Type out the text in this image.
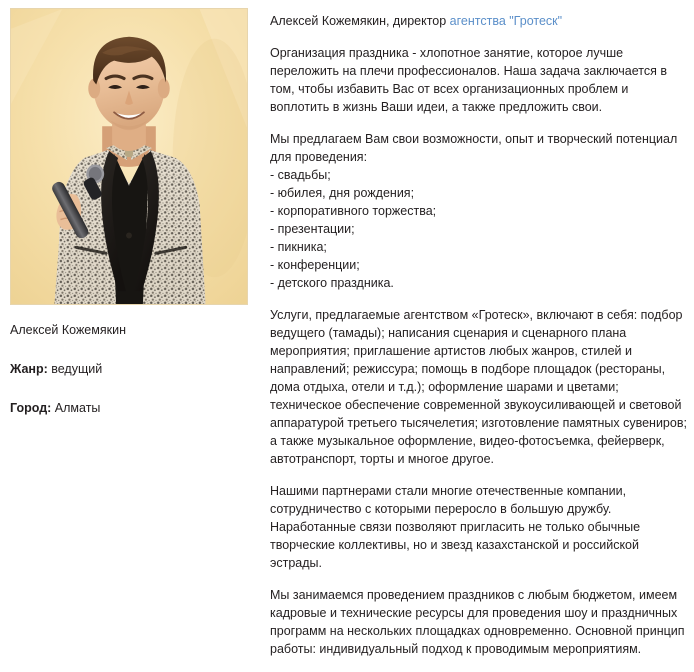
Алексей Кожемякин
Жанр: ведущий
Город: Алматы

Алексей Кожемякин, директор агентства "Гротеск"

Организация праздника - хлопотное занятие, которое лучше переложить на плечи профессионалов. Наша задача заключается в том, чтобы избавить Вас от всех организационных проблем и воплотить в жизнь Ваши идеи, а также предложить свои.

Мы предлагаем Вам свои возможности, опыт и творческий потенциал для проведения:

- свадьбы;
- юбилея, дня рождения;
- корпоративного торжества;
- презентации;
- пикника;
- конференции;
- детского праздника.

Услуги, предлагаемые агентством «Гротеск», включают в себя: подбор ведущего (тамады); написания сценария и сценарного плана мероприятия; приглашение артистов любых жанров, стилей и направлений; режиссура; помощь в подборе площадок (рестораны, дома отдыха, отели и т.д.); оформление шарами и цветами; техническое обеспечение современной звукоусиливающей и световой аппаратурой третьего тысячелетия; изготовление памятных сувениров; а также музыкальное оформление, видео-фотосъемка, фейерверк, автотранспорт, торты и многое другое.

Нашими партнерами стали многие отечественные компании, сотрудничество с которыми переросло в большую дружбу. Наработанные связи позволяют пригласить не только обычные творческие коллективы, но и звезд казахстанской и российской эстрады.

Мы занимаемся проведением праздников с любым бюджетом, имеем кадровые и технические ресурсы для проведения шоу и праздничных программ на нескольких площадках одновременно. Основной принцип работы: индивидуальный подход к проводимым мероприятиям.
